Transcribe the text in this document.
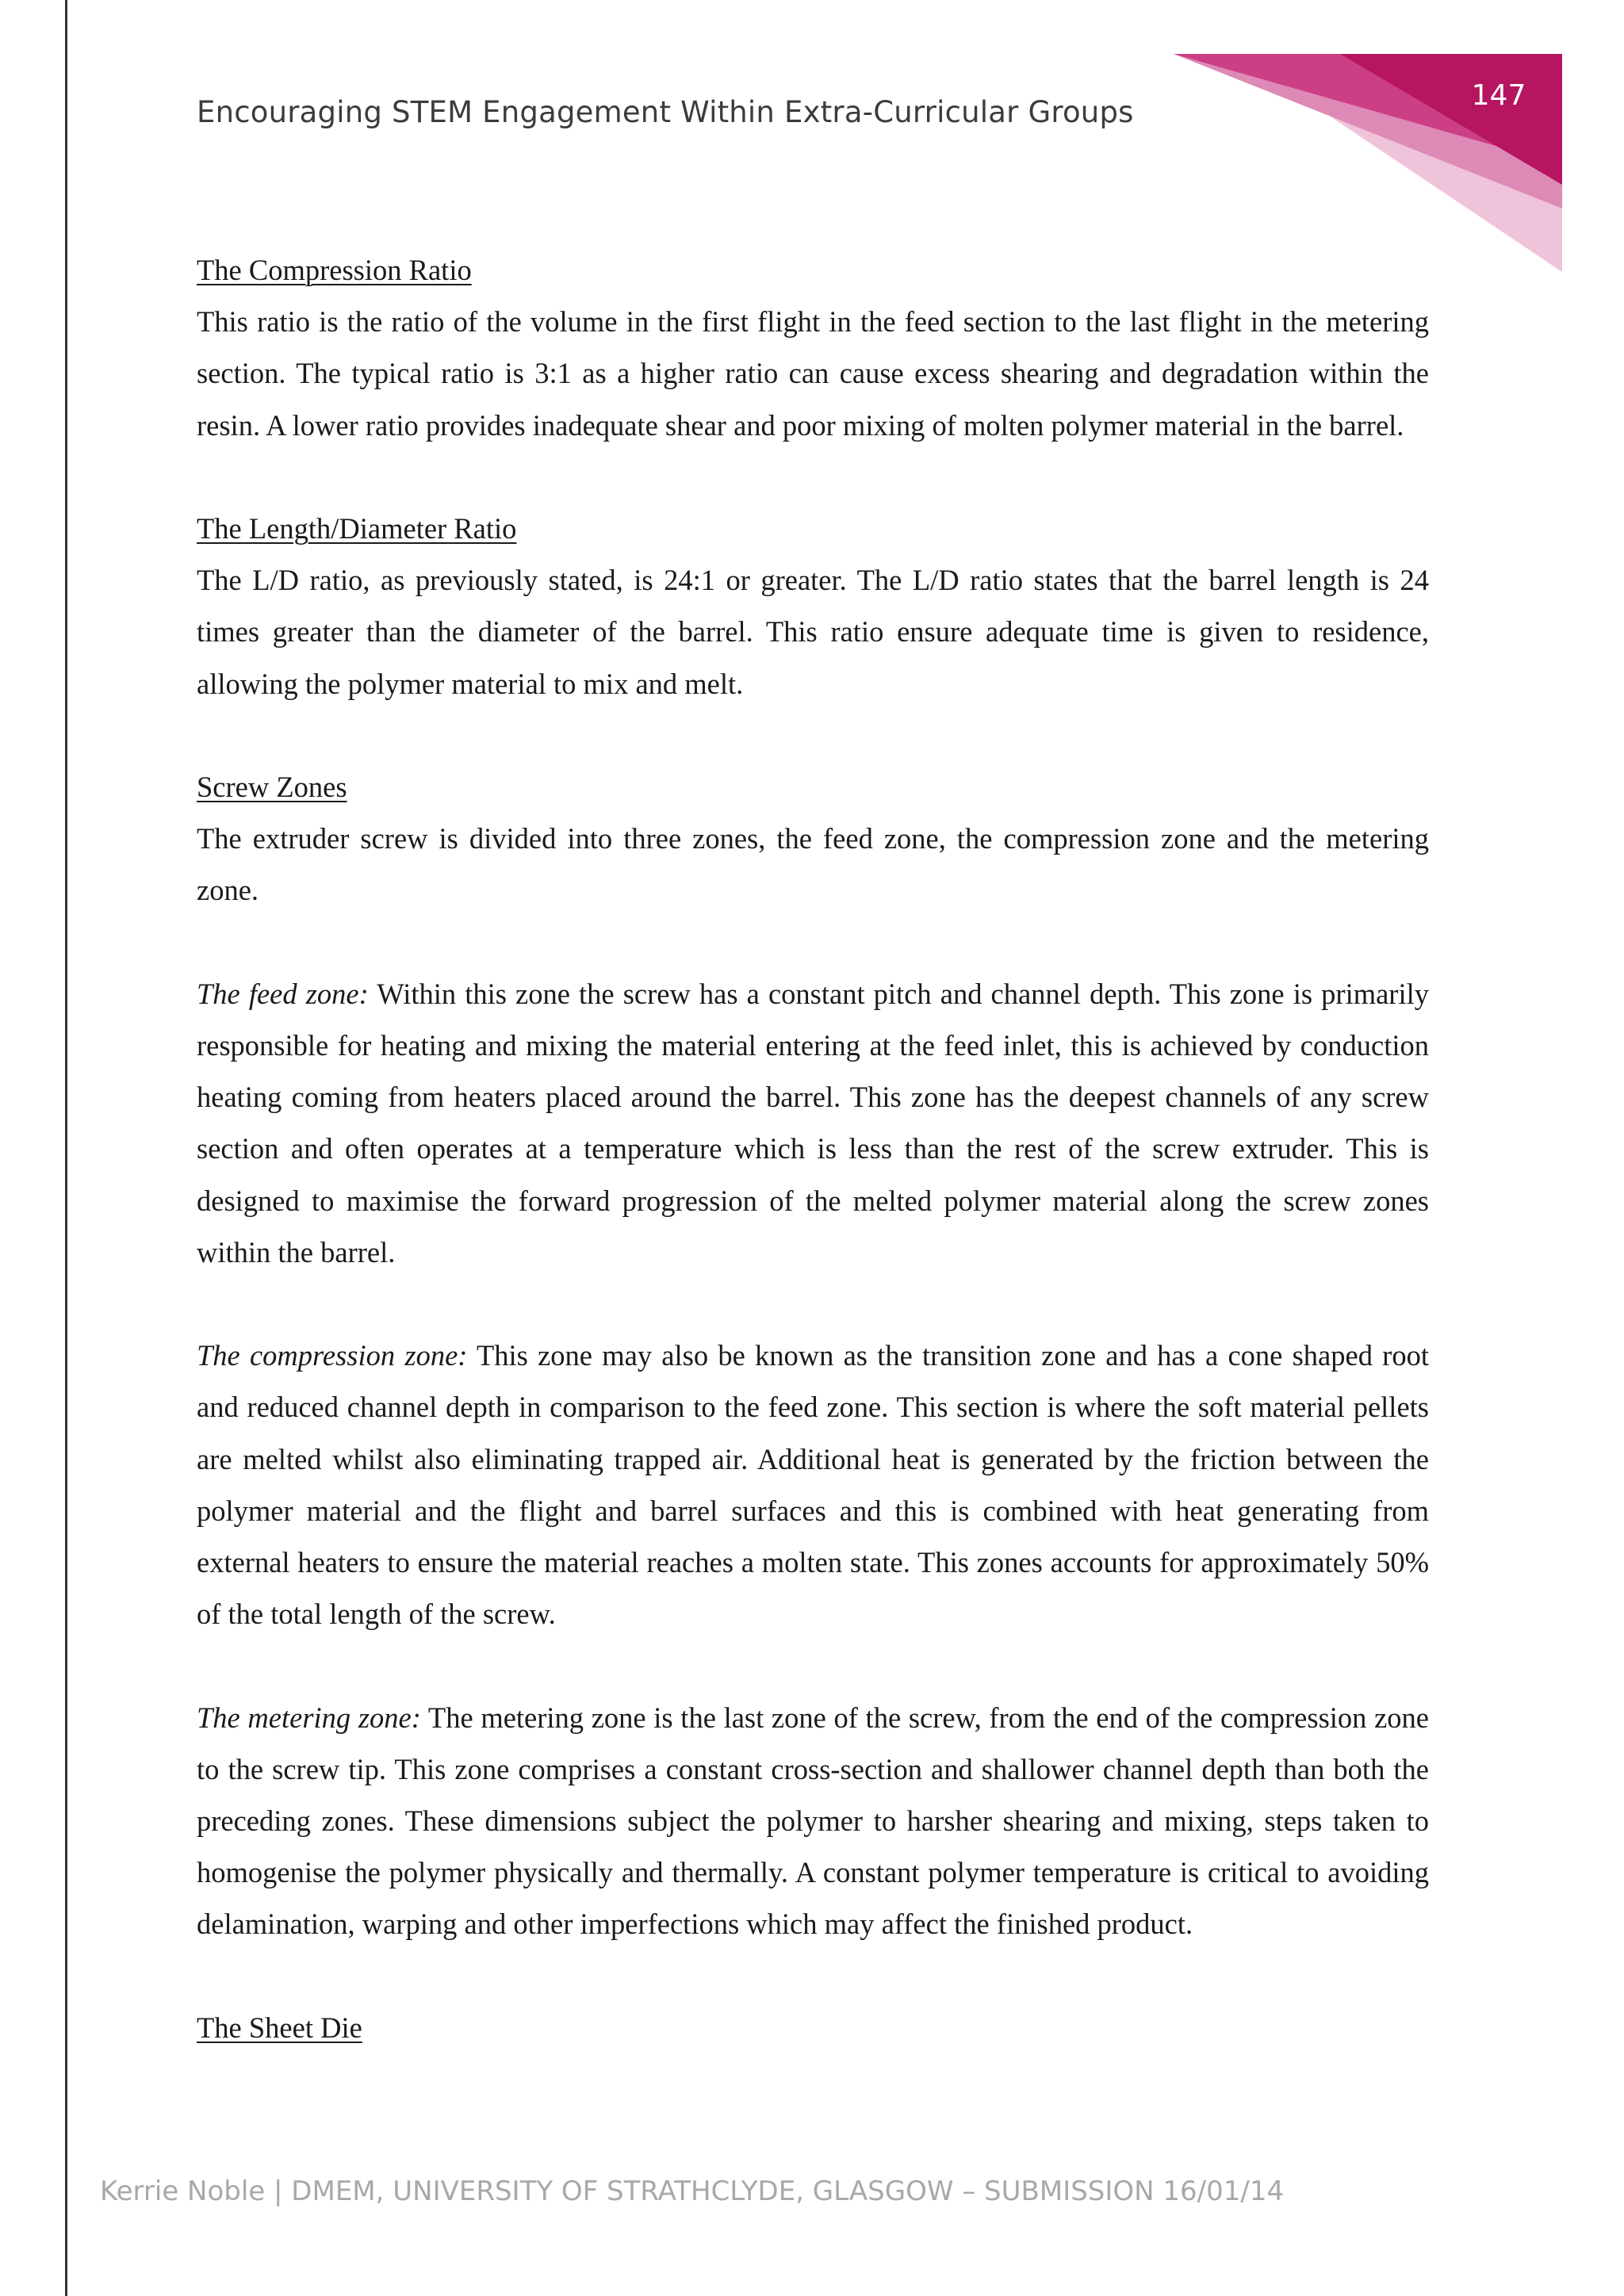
Encouraging STEM Engagement Within Extra-Curricular Groups	147
The Compression Ratio

This ratio is the ratio of the volume in the first flight in the feed section to the last flight in the metering section. The typical ratio is 3:1 as a higher ratio can cause excess shearing and degradation within the resin. A lower ratio provides inadequate shear and poor mixing of molten polymer material in the barrel.

The Length/Diameter Ratio

The L/D ratio, as previously stated, is 24:1 or greater. The L/D ratio states that the barrel length is 24 times greater than the diameter of the barrel. This ratio ensure adequate time is given to residence, allowing the polymer material to mix and melt.

Screw Zones

The extruder screw is divided into three zones, the feed zone, the compression zone and the metering zone.

The feed zone: Within this zone the screw has a constant pitch and channel depth. This zone is primarily responsible for heating and mixing the material entering at the feed inlet, this is achieved by conduction heating coming from heaters placed around the barrel. This zone has the deepest channels of any screw section and often operates at a temperature which is less than the rest of the screw extruder. This is designed to maximise the forward progression of the melted polymer material along the screw zones within the barrel.

The compression zone: This zone may also be known as the transition zone and has a cone shaped root and reduced channel depth in comparison to the feed zone. This section is where the soft material pellets are melted whilst also eliminating trapped air. Additional heat is generated by the friction between the polymer material and the flight and barrel surfaces and this is combined with heat generating from external heaters to ensure the material reaches a molten state. This zones accounts for approximately 50% of the total length of the screw.

The metering zone: The metering zone is the last zone of the screw, from the end of the compression zone to the screw tip. This zone comprises a constant cross-section and shallower channel depth than both the preceding zones. These dimensions subject the polymer to harsher shearing and mixing, steps taken to homogenise the polymer physically and thermally. A constant polymer temperature is critical to avoiding delamination, warping and other imperfections which may affect the finished product.

The Sheet Die
Kerrie Noble | DMEM, UNIVERSITY OF STRATHCLYDE, GLASGOW – SUBMISSION 16/01/14
